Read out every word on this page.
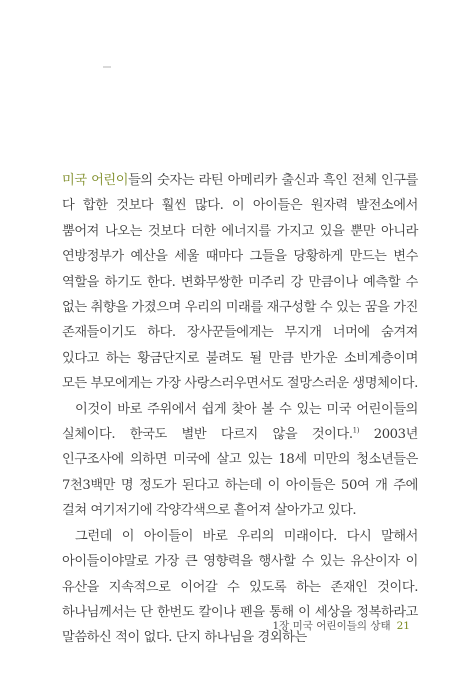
미국 어린이들의 숫자는 라틴 아메리카 출신과 흑인 전체 인구를 다 합한 것보다 훨씬 많다. 이 아이들은 원자력 발전소에서 뿜어져 나오는 것보다 더한 에너지를 가지고 있을 뿐만 아니라 연방정부가 예산을 세울 때마다 그들을 당황하게 만드는 변수 역할을 하기도 한다. 변화무쌍한 미주리 강 만큼이나 예측할 수 없는 취향을 가졌으며 우리의 미래를 재구성할 수 있는 꿈을 가진 존재들이기도 하다. 장사꾼들에게는 무지개 너머에 숨겨져 있다고 하는 황금단지로 불려도 될 만큼 반가운 소비계층이며 모든 부모에게는 가장 사랑스러우면서도 절망스러운 생명체이다.

이것이 바로 주위에서 쉽게 찾아 볼 수 있는 미국 어린이들의 실체이다. 한국도 별반 다르지 않을 것이다.$^{1)}$ 2003년 인구조사에 의하면 미국에 살고 있는 18세 미만의 청소년들은 7천3백만 명 정도가 된다고 하는데 이 아이들은 50여 개 주에 걸쳐 여기저기에 각양각색으로 흩어져 살아가고 있다.

그런데 이 아이들이 바로 우리의 미래이다. 다시 말해서 아이들이야말로 가장 큰 영향력을 행사할 수 있는 유산이자 이 유산을 지속적으로 이어갈 수 있도록 하는 존재인 것이다. 하나님께서는 단 한번도 칼이나 펜을 통해 이 세상을 정복하라고 말씀하신 적이 없다. 단지 하나님을 경외하는

1장 미국 어린이들의 상태 21
